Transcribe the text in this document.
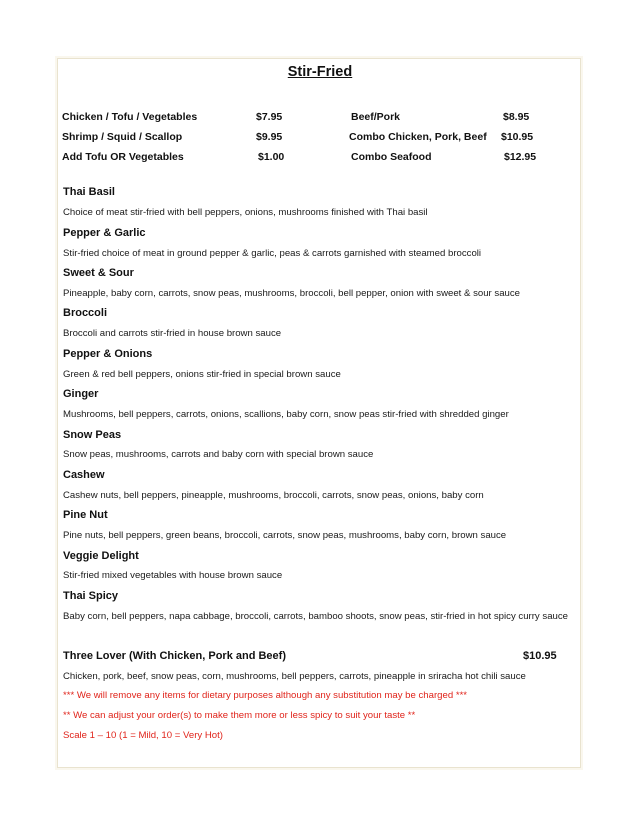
Stir-Fried
Chicken / Tofu / Vegetables	$7.95	Beef/Pork	$8.95
Shrimp / Squid / Scallop	$9.95	Combo Chicken, Pork, Beef $10.95
Add Tofu OR Vegetables	$1.00	Combo Seafood	$12.95
Thai Basil
Choice of meat stir-fried with bell peppers, onions, mushrooms finished with Thai basil
Pepper & Garlic
Stir-fried choice of meat in ground pepper & garlic, peas & carrots garnished with steamed broccoli
Sweet & Sour
Pineapple, baby corn, carrots, snow peas, mushrooms, broccoli, bell pepper, onion with sweet & sour sauce
Broccoli
Broccoli and carrots stir-fried in house brown sauce
Pepper & Onions
Green & red bell peppers, onions stir-fried in special brown sauce
Ginger
Mushrooms, bell peppers, carrots, onions, scallions, baby corn, snow peas stir-fried with shredded ginger
Snow Peas
Snow peas, mushrooms, carrots and baby corn with special brown sauce
Cashew
Cashew nuts, bell peppers, pineapple, mushrooms, broccoli, carrots, snow peas, onions, baby corn
Pine Nut
Pine nuts, bell peppers, green beans, broccoli, carrots, snow peas, mushrooms, baby corn, brown sauce
Veggie Delight
Stir-fried mixed vegetables with house brown sauce
Thai Spicy
Baby corn, bell peppers, napa cabbage, broccoli, carrots, bamboo shoots, snow peas, stir-fried in hot spicy curry sauce
Three Lover (With Chicken, Pork and Beef)	$10.95
Chicken, pork, beef, snow peas, corn, mushrooms, bell peppers, carrots, pineapple in sriracha hot chili sauce
*** We will remove any items for dietary purposes although any substitution may be charged ***
** We can adjust your order(s) to make them more or less spicy to suit your taste **
Scale 1 – 10 (1 = Mild, 10 = Very Hot)
